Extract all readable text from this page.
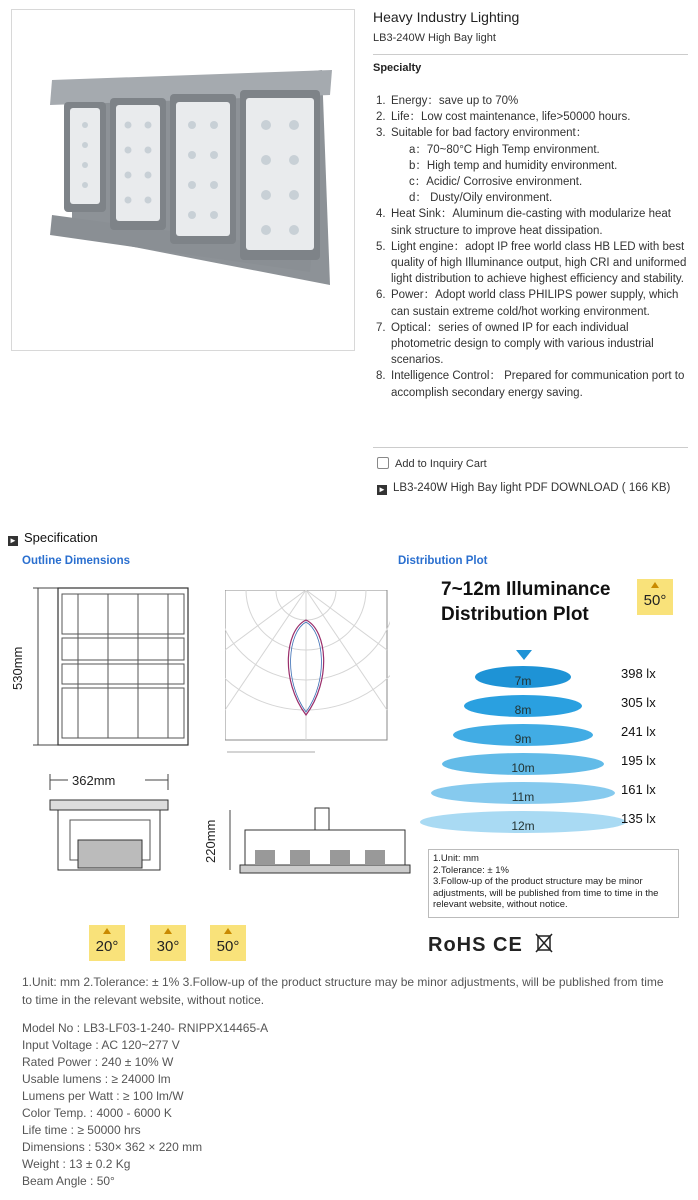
Heavy Industry Lighting
LB3-240W High Bay light
Specialty
1. Energy：save up to 70%
2. Life：Low cost maintenance, life>50000 hours.
3. Suitable for bad factory environment：
a：70~80°C High Temp environment.
b：High temp and humidity environment.
c：Acidic/ Corrosive environment.
d： Dusty/Oily environment.
4. Heat Sink：Aluminum die-casting with modularize heat sink structure to improve heat dissipation.
5. Light engine：adopt IP free world class HB LED with best quality of high Illuminance output, high CRI and uniformed light distribution to achieve highest efficiency and stability.
6. Power：Adopt world class PHILIPS power supply, which can sustain extreme cold/hot working environment.
7. Optical：series of owned IP for each individual photometric design to comply with various industrial scenarios.
8. Intelligence Control： Prepared for communication port to accomplish secondary energy saving.
Add to Inquiry Cart
► LB3-240W High Bay light PDF DOWNLOAD ( 166 KB)
► Specification
Outline Dimensions	Distribution Plot
530mm
362mm
220mm
7~12m Illuminance
Distribution Plot
50°
7m	398 lx
8m	305 lx
9m	241 lx
10m	195 lx
11m	161 lx
12m	135 lx
1.Unit: mm
2.Tolerance: ± 1%
3.Follow-up of the product structure may be minor adjustments, will be published from time to time in the relevant website, without notice.
20°	30°	50°	RoHS CE
1.Unit: mm 2.Tolerance: ± 1% 3.Follow-up of the product structure may be minor adjustments, will be published from time to time in the relevant website, without notice.
Model No : LB3-LF03-1-240- RNIPPX14465-A
Input Voltage : AC 120~277 V
Rated Power : 240 ± 10% W
Usable lumens : ≥ 24000 lm
Lumens per Watt : ≥ 100 lm/W
Color Temp. : 4000 - 6000 K
Life time : ≥ 50000 hrs
Dimensions : 530× 362 × 220 mm
Weight : 13 ± 0.2 Kg
Beam Angle : 50°
